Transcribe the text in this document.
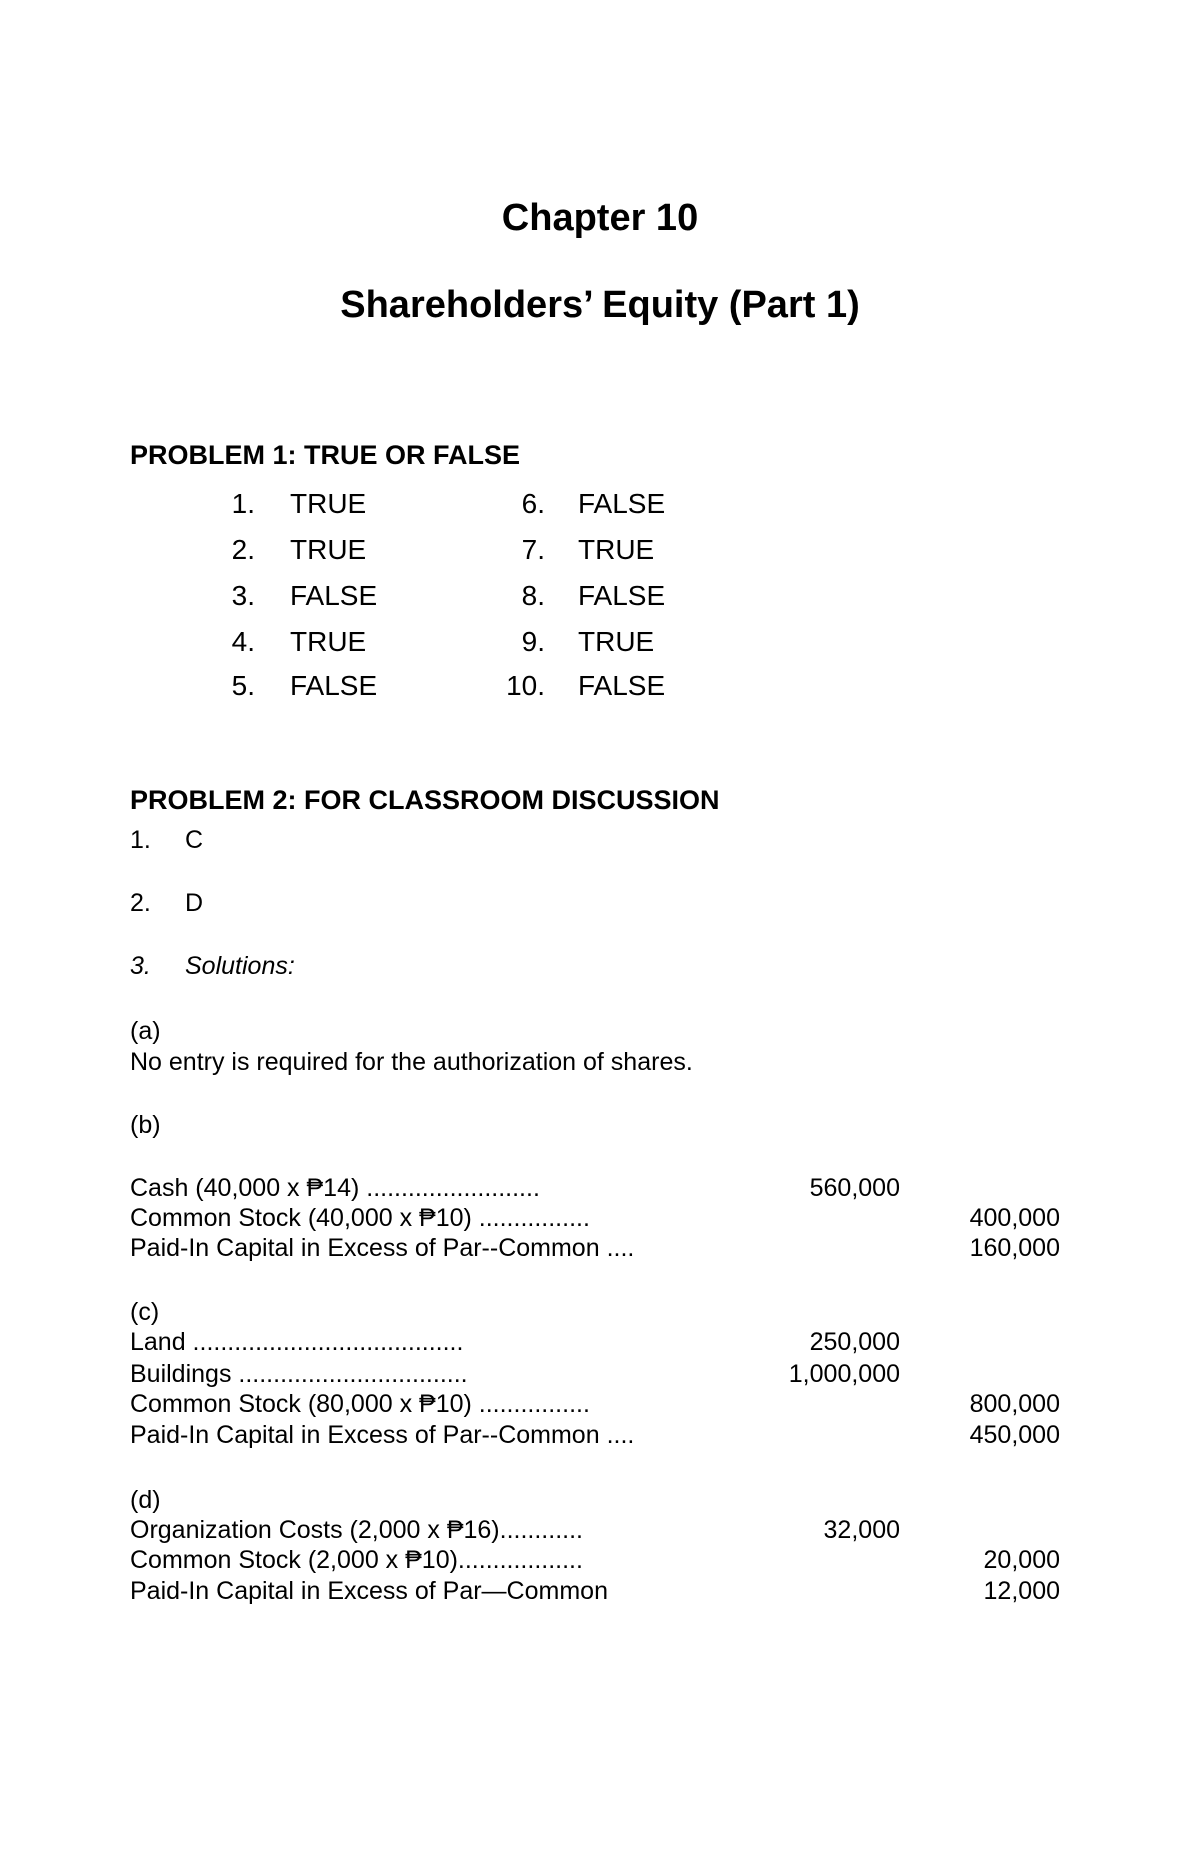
Chapter 10
Shareholders’ Equity (Part 1)
PROBLEM 1: TRUE OR FALSE
1. TRUE
2. TRUE
3. FALSE
4. TRUE
5. FALSE
6. FALSE
7. TRUE
8. FALSE
9. TRUE
10. FALSE
PROBLEM 2: FOR CLASSROOM DISCUSSION
1. C
2. D
3. Solutions:
(a)
No entry is required for the authorization of shares.
(b)
Cash (40,000 x ₱14) .........................	560,000
Common Stock (40,000 x ₱10) ................	400,000
Paid-In Capital in Excess of Par--Common ....	160,000
(c)
Land .......................................	250,000
Buildings .................................	1,000,000
Common Stock (80,000 x ₱10) ................	800,000
Paid-In Capital in Excess of Par--Common ....	450,000
(d)
Organization Costs (2,000 x ₱16)............	32,000
Common Stock (2,000 x ₱10)..................	20,000
Paid-In Capital in Excess of Par—Common	12,000
